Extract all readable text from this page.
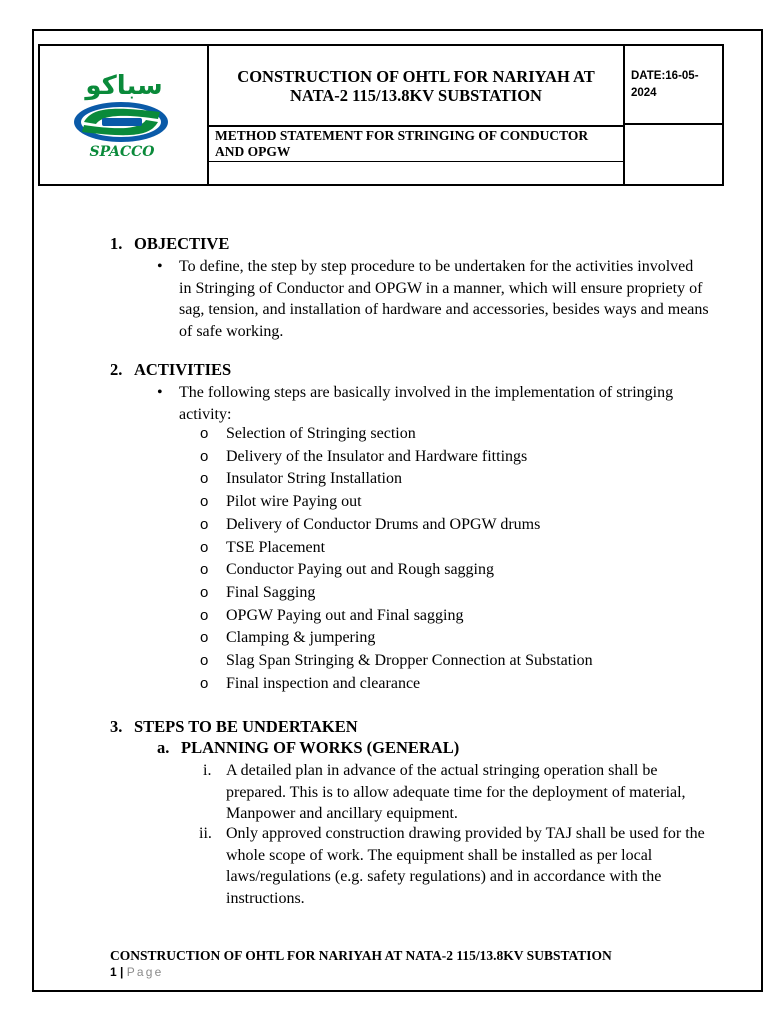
سباكو
SPACCO
CONSTRUCTION OF OHTL FOR NARIYAH AT NATA-2 115/13.8KV SUBSTATION
DATE:16-05-2024
METHOD STATEMENT FOR STRINGING OF CONDUCTOR AND OPGW
1. OBJECTIVE
• To define, the step by step procedure to be undertaken for the activities involved in Stringing of Conductor and OPGW in a manner, which will ensure propriety of sag, tension, and installation of hardware and accessories, besides ways and means of safe working.
2. ACTIVITIES
• The following steps are basically involved in the implementation of stringing activity:
o Selection of Stringing section
o Delivery of the Insulator and Hardware fittings
o Insulator String Installation
o Pilot wire Paying out
o Delivery of Conductor Drums and OPGW drums
o TSE Placement
o Conductor Paying out and Rough sagging
o Final Sagging
o OPGW Paying out and Final sagging
o Clamping & jumpering
o Slag Span Stringing & Dropper Connection at Substation
o Final inspection and clearance
3. STEPS TO BE UNDERTAKEN
a. PLANNING OF WORKS (GENERAL)
i. A detailed plan in advance of the actual stringing operation shall be prepared. This is to allow adequate time for the deployment of material, Manpower and ancillary equipment.
ii. Only approved construction drawing provided by TAJ shall be used for the whole scope of work. The equipment shall be installed as per local laws/regulations (e.g. safety regulations) and in accordance with the instructions.
CONSTRUCTION OF OHTL FOR NARIYAH AT NATA-2 115/13.8KV SUBSTATION
1 | Page
